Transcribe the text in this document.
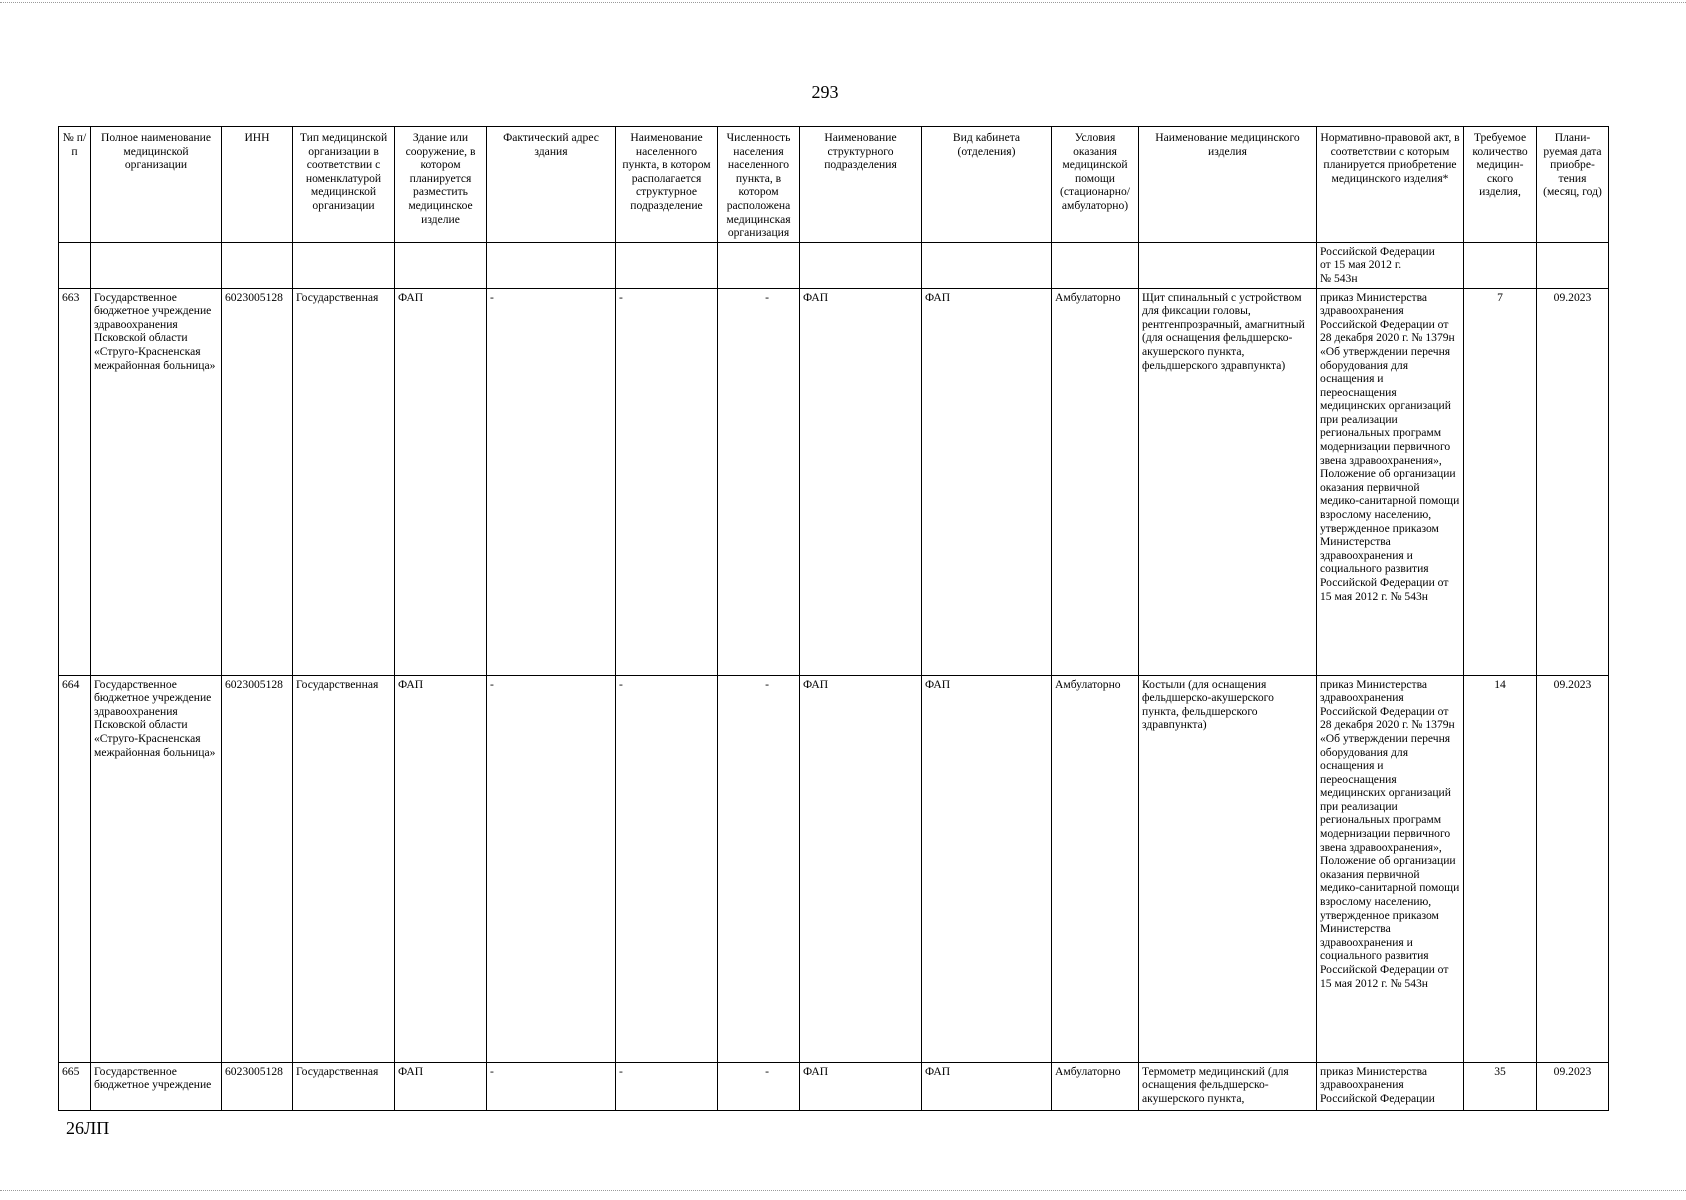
293
№ п/п	Полное наименование медицинской организации	ИНН	Тип медицинской организации в соответствии с номенклатурой медицинской организации	Здание или сооружение, в котором планируется разместить медицинское изделие	Фактический адрес здания	Наименование населенного пункта, в котором располагается структурное подразделение	Численность населения населенного пункта, в котором расположена медицинская организация	Наименование структурного подразделения	Вид кабинета (отделения)	Условия оказания медицинской помощи (стационарно/ амбулаторно)	Наименование медицинского изделия	Нормативно-правовой акт, в соответствии с которым планируется приобретение медицинского изделия*	Требуемое количество медицин-ского изделия,	Плани-руемая дата приобре-тения (месяц, год)

												Российской Федерации
от 15 мая 2012 г.
№ 543н		

663	Государственное бюджетное учреждение здравоохранения Псковской области «Струго-Красненская межрайонная больница»	6023005128	Государственная	ФАП	-	-	-	ФАП	ФАП	Амбулаторно	Щит спинальный с устройством для фиксации головы, рентгенпрозрачный, амагнитный (для оснащения фельдшерско-акушерского пункта, фельдшерского здравпункта)	приказ Министерства здравоохранения Российской Федерации от 28 декабря 2020 г. № 1379н «Об утверждении перечня оборудования для оснащения и переоснащения медицинских организаций при реализации региональных программ модернизации первичного звена здравоохранения», Положение об организации оказания первичной медико-санитарной помощи взрослому населению, утвержденное приказом Министерства здравоохранения и социального развития Российской Федерации от 15 мая 2012 г. № 543н	7	09.2023
664	Государственное бюджетное учреждение здравоохранения Псковской области «Струго-Красненская межрайонная больница»	6023005128	Государственная	ФАП	-	-	-	ФАП	ФАП	Амбулаторно	Костыли (для оснащения фельдшерско-акушерского пункта, фельдшерского здравпункта)	приказ Министерства здравоохранения Российской Федерации от 28 декабря 2020 г. № 1379н «Об утверждении перечня оборудования для оснащения и переоснащения медицинских организаций при реализации региональных программ модернизации первичного звена здравоохранения», Положение об организации оказания первичной медико-санитарной помощи взрослому населению, утвержденное приказом Министерства здравоохранения и социального развития Российской Федерации от 15 мая 2012 г. № 543н	14	09.2023
665	Государственное бюджетное учреждение	6023005128	Государственная	ФАП	-	-	-	ФАП	ФАП	Амбулаторно	Термометр медицинский (для оснащения фельдшерско-акушерского пункта,	приказ Министерства здравоохранения Российской Федерации	35	09.2023
26ЛП
